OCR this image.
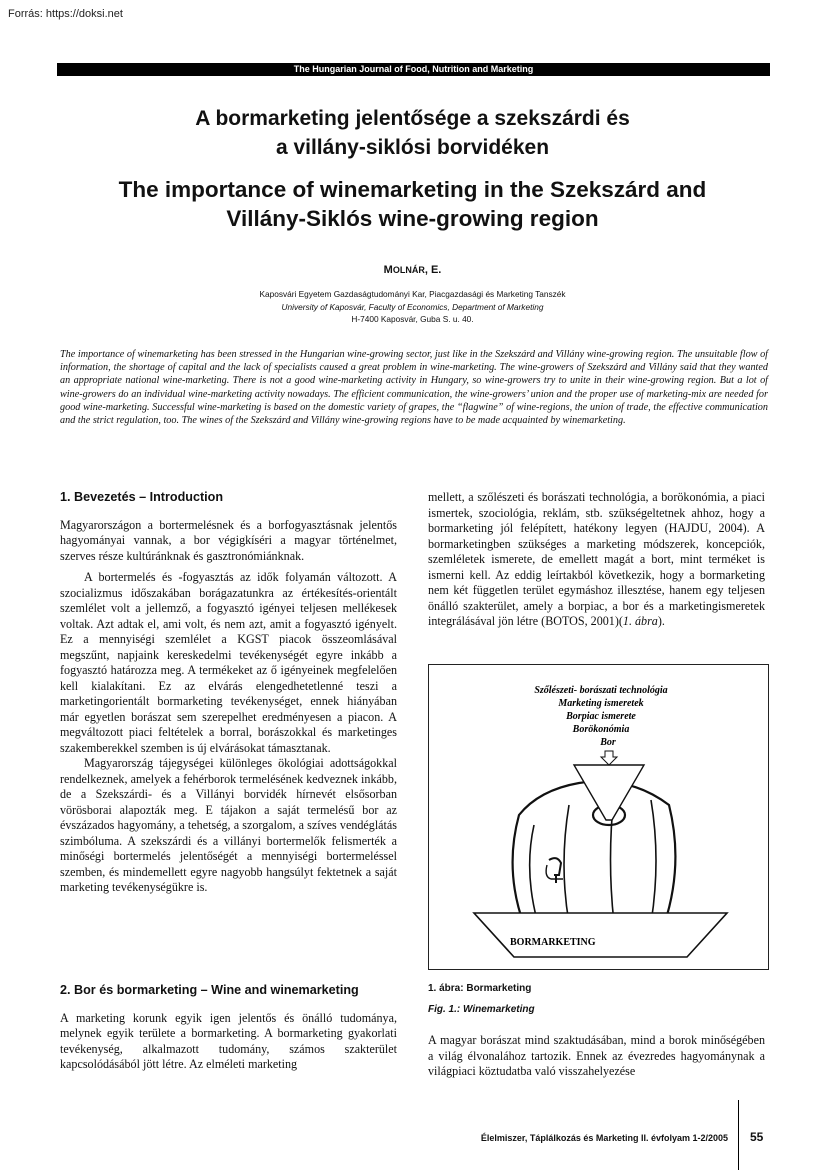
Forrás: https://doksi.net
The Hungarian Journal of Food, Nutrition and Marketing
A bormarketing jelentősége a szekszárdi és
a villány-siklósi borvidéken
The importance of winemarketing in the Szekszárd and
Villány-Siklós wine-growing region
MOLNÁR, E.
Kaposvári Egyetem Gazdaságtudományi Kar, Piacgazdasági és Marketing Tanszék
University of Kaposvár, Faculty of Economics, Department of Marketing
H-7400 Kaposvár, Guba S. u. 40.
The importance of winemarketing has been stressed in the Hungarian wine-growing sector, just like in the Szekszárd and Villány wine-growing region. The unsuitable flow of information, the shortage of capital and the lack of specialists caused a great problem in wine-marketing. The wine-growers of Szekszárd and Villány said that they wanted an appropriate national wine-marketing. There is not a good wine-marketing activity in Hungary, so wine-growers try to unite in their wine-growing region. But a lot of wine-growers do an individual wine-marketing activity nowadays. The efficient communication, the wine-growers’ union and the proper use of marketing-mix are needed for good wine-marketing. Successful wine-marketing is based on the domestic variety of grapes, the “flagwine” of wine-regions, the union of trade, the effective communication and the strict regulation, too. The wines of the Szekszárd and Villány wine-growing regions have to be made acquainted by winemarketing.
1. Bevezetés – Introduction

Magyarországon a bortermelésnek és a borfogyasztásnak jelentős hagyományai vannak, a bor végigkíséri a magyar történelmet, szerves része kultúránknak és gasztronómiánknak.

A bortermelés és -fogyasztás az idők folyamán változott. A szocializmus időszakában borágazatunkra az értékesítés-orientált szemlélet volt a jellemző, a fogyasztó igényei teljesen mellékesek voltak. Azt adtak el, ami volt, és nem azt, amit a fogyasztó igényelt. Ez a mennyiségi szemlélet a KGST piacok összeomlásával megszűnt, napjaink kereskedelmi tevékenységét egyre inkább a fogyasztó határozza meg. A termékeket az ő igényeinek megfelelően kell kialakítani. Ez az elvárás elengedhetetlenné teszi a marketingorientált bormarketing tevékenységet, ennek hiányában már egyetlen borászat sem szerepelhet eredményesen a piacon. A megváltozott piaci feltételek a borral, borászokkal és marketinges szakemberekkel szemben is új elvárásokat támasztanak.

Magyarország tájegységei különleges ökológiai adottságokkal rendelkeznek, amelyek a fehérborok termelésének kedveznek inkább, de a Szekszárdi- és a Villányi borvidék hírnevét elsősorban vörösborai alapozták meg. E tájakon a saját termelésű bor az évszázados hagyomány, a tehetség, a szorgalom, a szíves vendéglátás szimbóluma. A szekszárdi és a villányi bortermelők felismerték a minőségi bortermelés jelentőségét a mennyiségi bortermeléssel szemben, és mindemellett egyre nagyobb hangsúlyt fektetnek a saját marketing tevékenységükre is.

2. Bor és bormarketing – Wine and winemarketing

A marketing korunk egyik igen jelentős és önálló tudománya, melynek egyik területe a bormarketing. A bormarketing gyakorlati tevékenység, alkalmazott tudomány, számos szakterület kapcsolódásából jött létre. Az elméleti marketing

mellett, a szőlészeti és borászati technológia, a borökonómia, a piaci ismertek, szociológia, reklám, stb. szükségeltetnek ahhoz, hogy a bormarketing jól felépített, hatékony legyen (HAJDU, 2004). A bormarketingben szükséges a marketing módszerek, koncepciók, szemléletek ismerete, de emellett magát a bort, mint terméket is ismerni kell. Az eddig leírtakból következik, hogy a bormarketing nem két független terület egymáshoz illesztése, hanem egy teljesen önálló szakterület, amely a borpiac, a bor és a marketingismeretek integrálásával jön létre (BOTOS, 2001)(1. ábra).

Szőlészeti- borászati technológia
Marketing ismeretek
Borpiac ismerete
Borökonómia
Bor
BORMARKETING
1. ábra: Bormarketing
Fig. 1.: Winemarketing

A magyar borászat mind szaktudásában, mind a borok minőségében a világ élvonalához tartozik. Ennek az évezredes hagyománynak a világpiaci köztudatba való visszahelyezése

Élelmiszer, Táplálkozás és Marketing II. évfolyam 1-2/2005 55
